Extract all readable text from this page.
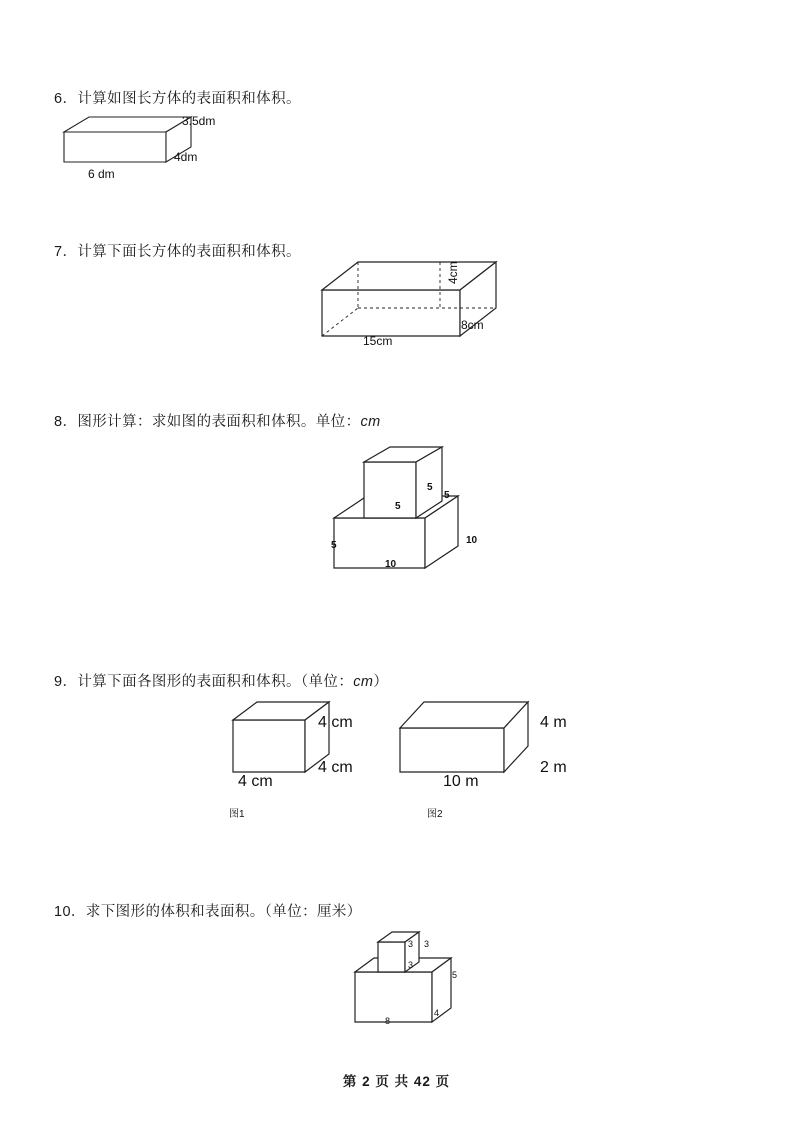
6．计算如图长方体的表面积和体积。
3.5dm
4dm
6 dm
7．计算下面长方体的表面积和体积。
4cm
8cm
15cm
8．图形计算：求如图的表面积和体积。单位：cm
5
5
5
5	10
10
9．计算下面各图形的表面积和体积。（单位：cm）
4 cm
4 cm
4 cm
图1
4 m
2 m
10 m
图2
10．求下图形的体积和表面积。（单位：厘米）
3 3
3
5
4
8
第 2 页 共 42 页
